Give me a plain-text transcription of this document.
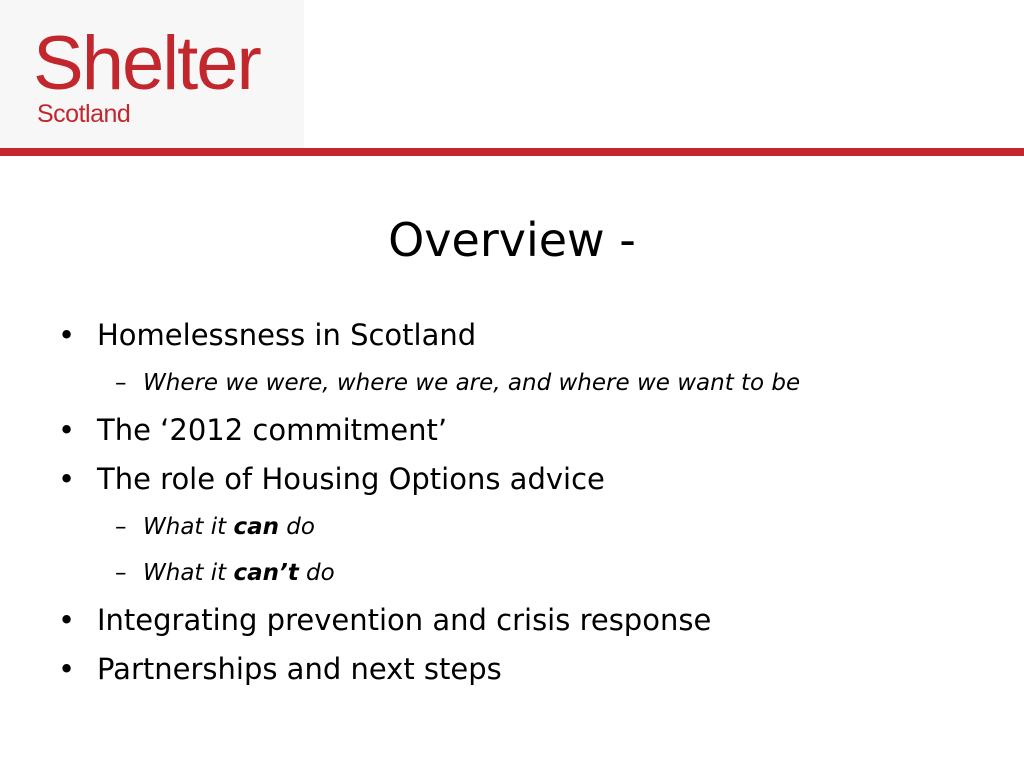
Shelter
Scotland
Overview -
• Homelessness in Scotland
– Where we were, where we are, and where we want to be
• The ‘2012 commitment’
• The role of Housing Options advice
– What it can do
– What it can’t do
• Integrating prevention and crisis response
• Partnerships and next steps
